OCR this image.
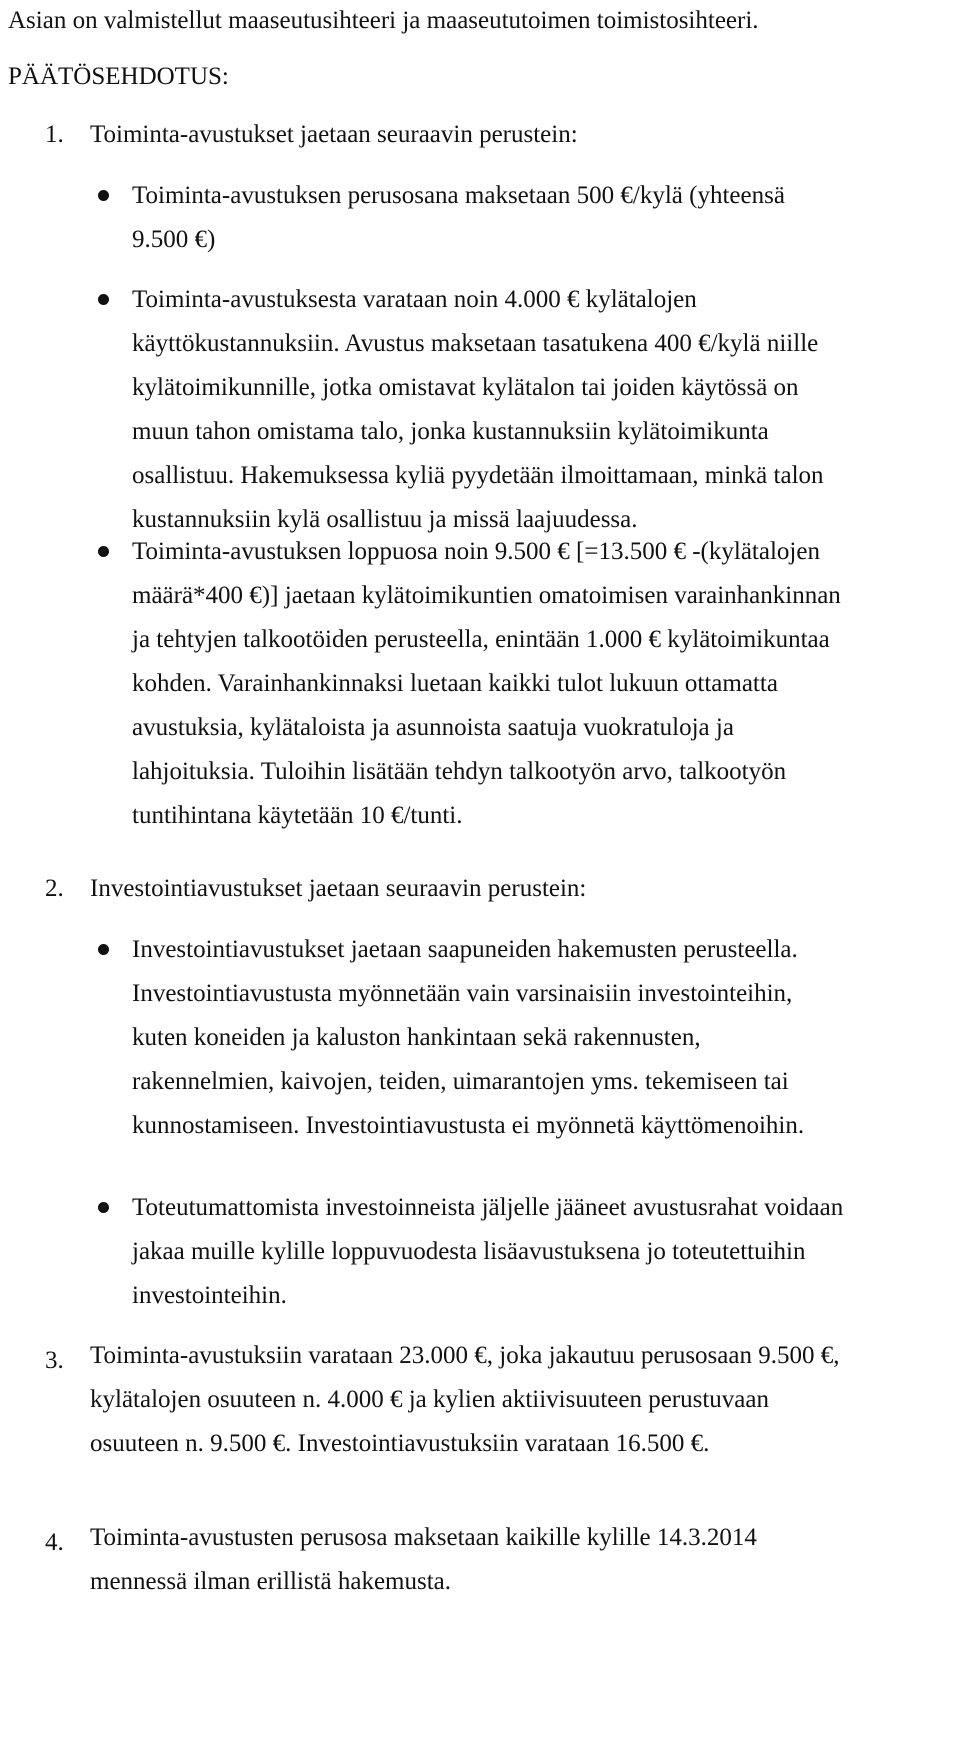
Asian on valmistellut maaseutusihteeri ja maaseututoimen toimistosihteeri.
PÄÄTÖSEHDOTUS:
1. Toiminta-avustukset jaetaan seuraavin perustein:
Toiminta-avustuksen perusosana maksetaan 500 €/kylä (yhteensä 9.500 €)
Toiminta-avustuksesta varataan noin 4.000 € kylätalojen käyttökustannuksiin. Avustus maksetaan tasatukena 400 €/kylä niille kylätoimikunnille, jotka omistavat kylätalon tai joiden käytössä on muun tahon omistama talo, jonka kustannuksiin kylätoimikunta osallistuu. Hakemuksessa kyliä pyydetään ilmoittamaan, minkä talon kustannuksiin kylä osallistuu ja missä laajuudessa.
Toiminta-avustuksen loppuosa noin 9.500 € [=13.500 € -(kylätalojen määrä*400 €)] jaetaan kylätoimikuntien omatoimisen varainhankinnan ja tehtyjen talkootöiden perusteella, enintään 1.000 € kylätoimikuntaa kohden. Varainhankinnaksi luetaan kaikki tulot lukuun ottamatta avustuksia, kylätaloista ja asunnoista saatuja vuokratuloja ja lahjoituksia. Tuloihin lisätään tehdyn talkootyön arvo, talkootyön tuntihintana käytetään 10 €/tunti.
2. Investointiavustukset jaetaan seuraavin perustein:
Investointiavustukset jaetaan saapuneiden hakemusten perusteella. Investointiavustusta myönnetään vain varsinaisiin investointeihin, kuten koneiden ja kaluston hankintaan sekä rakennusten, rakennelmien, kaivojen, teiden, uimarantojen yms. tekemiseen tai kunnostamiseen. Investointiavustusta ei myönnetä käyttömenoihin.
Toteutumattomista investoinneista jäljelle jääneet avustusrahat voidaan jakaa muille kylille loppuvuodesta lisäavustuksena jo toteutettuihin investointeihin.
3. Toiminta-avustuksiin varataan 23.000 €, joka jakautuu perusosaan 9.500 €, kylätalojen osuuteen n. 4.000 € ja kylien aktiivisuuteen perustuvaan osuuteen n. 9.500 €. Investointiavustuksiin varataan 16.500 €.
4. Toiminta-avustusten perusosa maksetaan kaikille kylille 14.3.2014 mennessä ilman erillistä hakemusta.
